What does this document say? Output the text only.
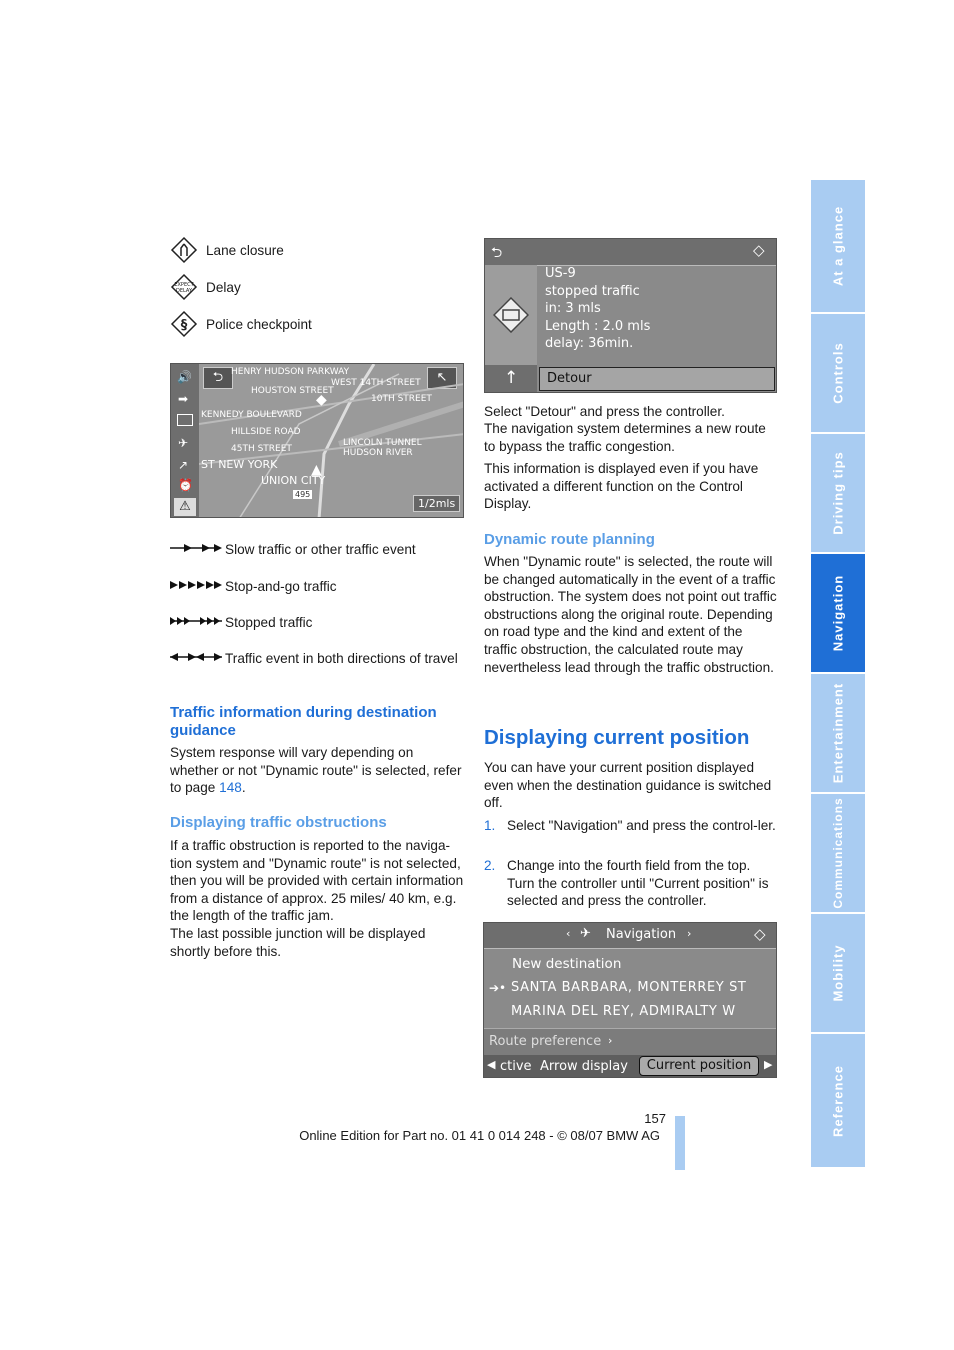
Lane closure
EXPECT
DELAY Delay
§ Police checkpoint
🔊
➡
✈
↗
⏰
⚠
⮌	↖
HENRY HUDSON PARKWAY
WEST 14TH STREET
HOUSTON STREET
10TH STREET
KENNEDY BOULEVARD
HILLSIDE ROAD
LINCOLN TUNNEL
HUDSON RIVER
45TH STREET
ST NEW YORK
UNION CITY
495
◆
▲
1/2mls
Slow traffic or other traffic event
Stop-and-go traffic
Stopped traffic
Traffic event in both directions of travel
Traffic information during destination guidance
System response will vary depending on whether or not "Dynamic route" is selected, refer to page 148.
Displaying traffic obstructions
If a traffic obstruction is reported to the naviga-tion system and "Dynamic route" is not selected, then you will be provided with certain information from a distance of approx. 25 miles/ 40 km, e.g. the length of the traffic jam.
The last possible junction will be displayed shortly before this.
⮌	◇
US-9
stopped traffic
in: 3 mls
Length : 2.0 mls
delay: 36min.
↑	Detour
Select "Detour" and press the controller.
The navigation system determines a new route to bypass the traffic congestion.
This information is displayed even if you have activated a different function on the Control Display.
Dynamic route planning
When "Dynamic route" is selected, the route will be changed automatically in the event of a traffic obstruction. The system does not point out traffic obstructions along the original route. Depending on road type and the kind and extent of the traffic obstruction, the calculated route may nevertheless lead through the traffic obstruction.
Displaying current position
You can have your current position displayed even when the destination guidance is switched off.
1. Select "Navigation" and press the control-ler.
2. Change into the fourth field from the top. Turn the controller until "Current position" is selected and press the controller.
‹ ✈ Navigation ›	◇
New destination
➔• SANTA BARBARA, MONTERREY ST
MARINA DEL REY, ADMIRALTY W
Route preference ›
◀ ctive Arrow display	Current position	▶
At a glance
Controls
Driving tips
Navigation
Entertainment
Communications
Mobility
Reference
157
Online Edition for Part no. 01 41 0 014 248 - © 08/07 BMW AG
